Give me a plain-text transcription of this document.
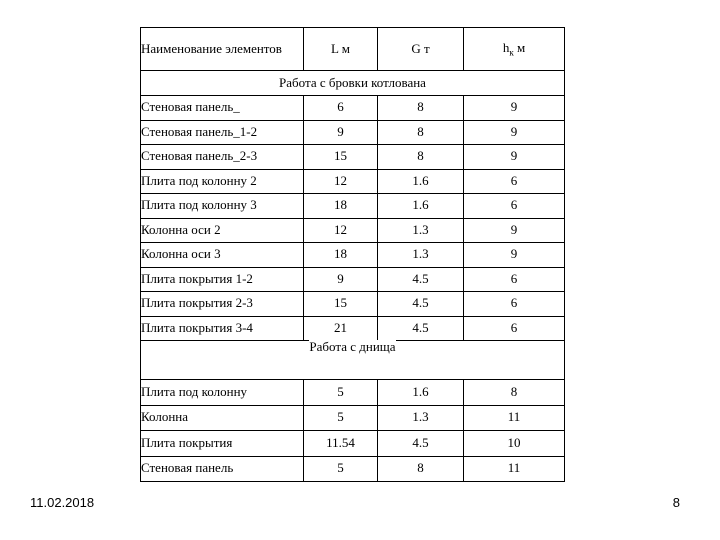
Наименование элементов	L м	G т	$h_к$ м
Работа с бровки котлована			
Стеновая панель_	6	8	9
Стеновая панель_1-2	9	8	9
Стеновая панель_2-3	15	8	9
Плита под колонну 2	12	1.6	6
Плита под колонну 3	18	1.6	6
Колонна оси 2	12	1.3	9
Колонна оси 3	18	1.3	9
Плита покрытия 1-2	9	4.5	6
Плита покрытия 2-3	15	4.5	6
Плита покрытия 3-4	21	4.5	6
Работа с днища			
Плита под колонну	5	1.6	8
Колонна	5	1.3	11
Плита покрытия	11.54	4.5	10
Стеновая панель	5	8	11
11.02.2018	8
